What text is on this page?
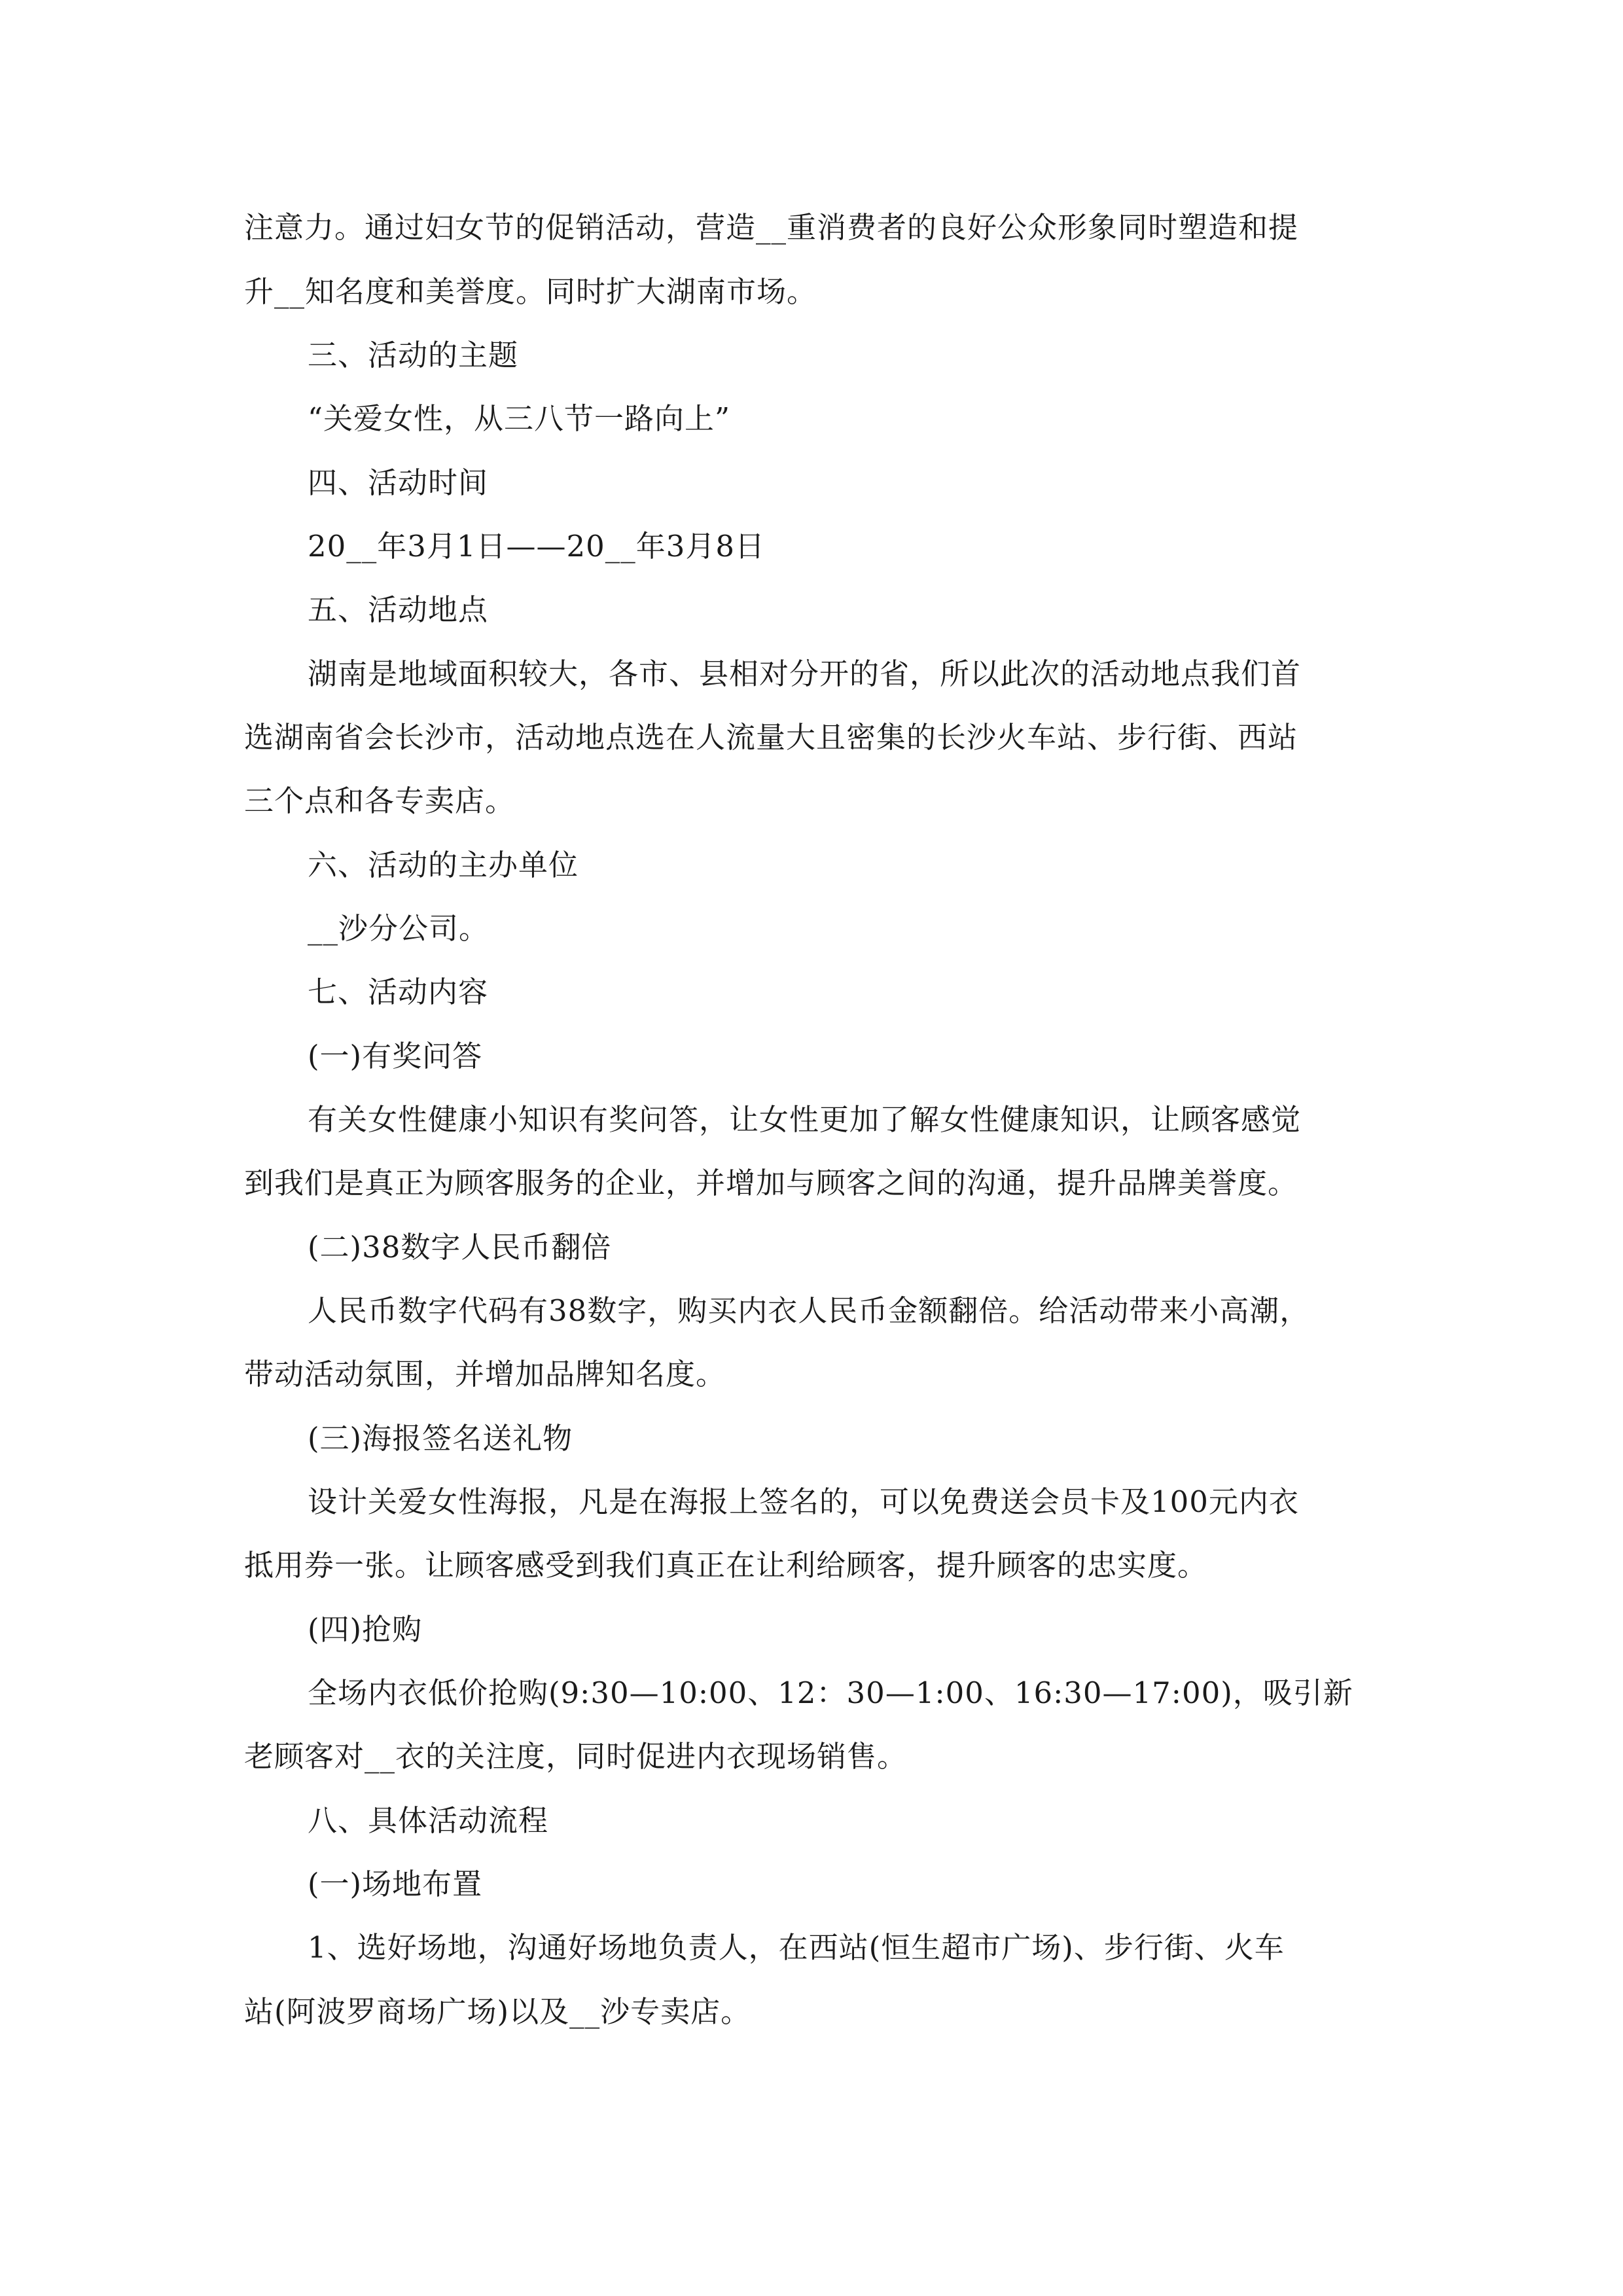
注意力。通过妇女节的促销活动，营造__重消费者的良好公众形象同时塑造和提
升__知名度和美誉度。同时扩大湖南市场。
三、活动的主题
“关爱女性，从三八节一路向上”
四、活动时间
20__年3月1日——20__年3月8日
五、活动地点
湖南是地域面积较大，各市、县相对分开的省，所以此次的活动地点我们首
选湖南省会长沙市，活动地点选在人流量大且密集的长沙火车站、步行街、西站
三个点和各专卖店。
六、活动的主办单位
__沙分公司。
七、活动内容
(一)有奖问答
有关女性健康小知识有奖问答，让女性更加了解女性健康知识，让顾客感觉
到我们是真正为顾客服务的企业，并增加与顾客之间的沟通，提升品牌美誉度。
(二)38数字人民币翻倍
人民币数字代码有38数字，购买内衣人民币金额翻倍。给活动带来小高潮，
带动活动氛围，并增加品牌知名度。
(三)海报签名送礼物
设计关爱女性海报，凡是在海报上签名的，可以免费送会员卡及100元内衣
抵用券一张。让顾客感受到我们真正在让利给顾客，提升顾客的忠实度。
(四)抢购
全场内衣低价抢购(9:30—10:00、12：30—1:00、16:30—17:00)，吸引新
老顾客对__衣的关注度，同时促进内衣现场销售。
八、具体活动流程
(一)场地布置
1、选好场地，沟通好场地负责人，在西站(恒生超市广场)、步行街、火车
站(阿波罗商场广场)以及__沙专卖店。
